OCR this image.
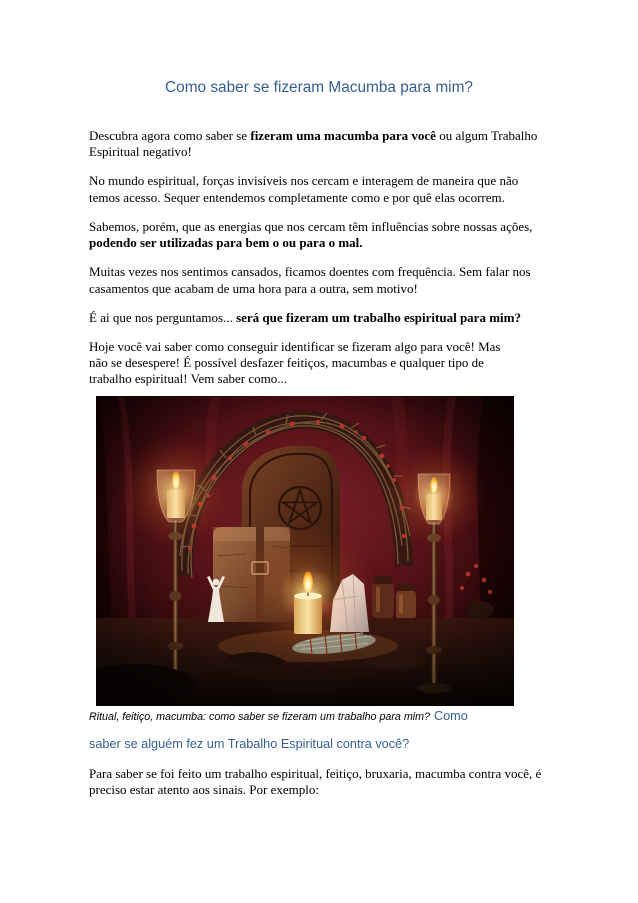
Como saber se fizeram Macumba para mim?
Descubra agora como saber se fizeram uma macumba para você ou algum Trabalho
Espiritual negativo!
No mundo espiritual, forças invisíveis nos cercam e interagem de maneira que não
temos acesso. Sequer entendemos completamente como e por quê elas ocorrem.
Sabemos, porém, que as energias que nos cercam têm influências sobre nossas ações,
podendo ser utilizadas para bem o ou para o mal.
Muitas vezes nos sentimos cansados, ficamos doentes com frequência. Sem falar nos
casamentos que acabam de uma hora para a outra, sem motivo!
É ai que nos perguntamos... será que fizeram um trabalho espiritual para mim?
Hoje você vai saber como conseguir identificar se fizeram algo para você! Mas
não se desespere! É possível desfazer feitiços, macumbas e qualquer tipo de
trabalho espiritual! Vem saber como...
Ritual, feitiço, macumba: como saber se fizeram um trabalho para mim? Como
saber se alguém fez um Trabalho Espiritual contra você?
Para saber se foi feito um trabalho espiritual, feitiço, bruxaria, macumba contra você, é
preciso estar atento aos sinais. Por exemplo:
